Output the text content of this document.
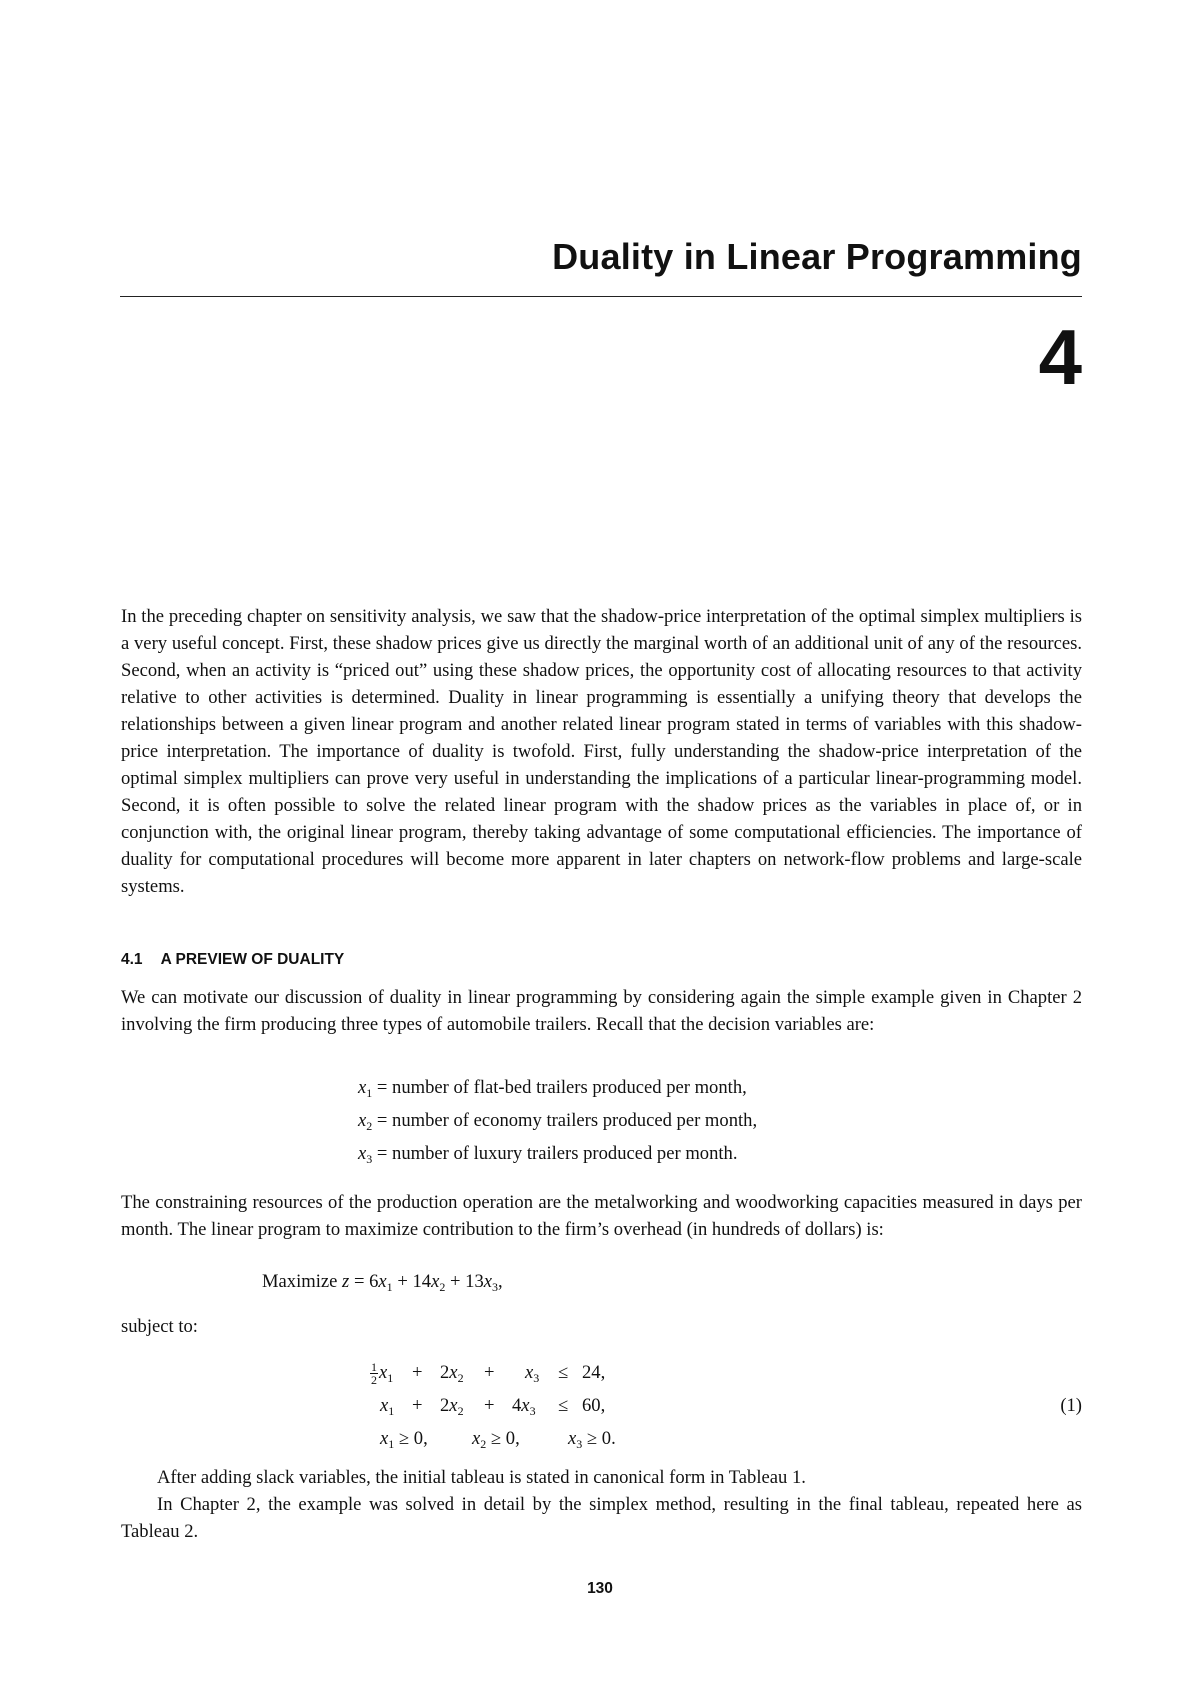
Duality in Linear Programming
4

In the preceding chapter on sensitivity analysis, we saw that the shadow-price interpretation of the optimal simplex multipliers is a very useful concept. First, these shadow prices give us directly the marginal worth of an additional unit of any of the resources. Second, when an activity is “priced out” using these shadow prices, the opportunity cost of allocating resources to that activity relative to other activities is determined. Duality in linear programming is essentially a unifying theory that develops the relationships between a given linear program and another related linear program stated in terms of variables with this shadow-price interpretation. The importance of duality is twofold. First, fully understanding the shadow-price interpretation of the optimal simplex multipliers can prove very useful in understanding the implications of a particular linear-programming model. Second, it is often possible to solve the related linear program with the shadow prices as the variables in place of, or in conjunction with, the original linear program, thereby taking advantage of some computational efficiencies. The importance of duality for computational procedures will become more apparent in later chapters on network-flow problems and large-scale systems.

4.1 A PREVIEW OF DUALITY

We can motivate our discussion of duality in linear programming by considering again the simple example given in Chapter 2 involving the firm producing three types of automobile trailers. Recall that the decision variables are:

$x_1$ = number of flat-bed trailers produced per month,
$x_2$ = number of economy trailers produced per month,
$x_3$ = number of luxury trailers produced per month.

The constraining resources of the production operation are the metalworking and woodworking capacities measured in days per month. The linear program to maximize contribution to the firm’s overhead (in hundreds of dollars) is:

Maximize $z = 6x_1 + 14x_2 + 13x_3$,
subject to:
$\frac{1}{2} x_1 + 2x_2 + x_3 \le 24$,
$x_1 + 2x_2 + 4x_3 \le 60$,
$x_1 \ge 0$, $x_2 \ge 0$,	$x_3 \ge 0$.
(1)

After adding slack variables, the initial tableau is stated in canonical form in Tableau 1.

In Chapter 2, the example was solved in detail by the simplex method, resulting in the final tableau, repeated here as Tableau 2.

130
